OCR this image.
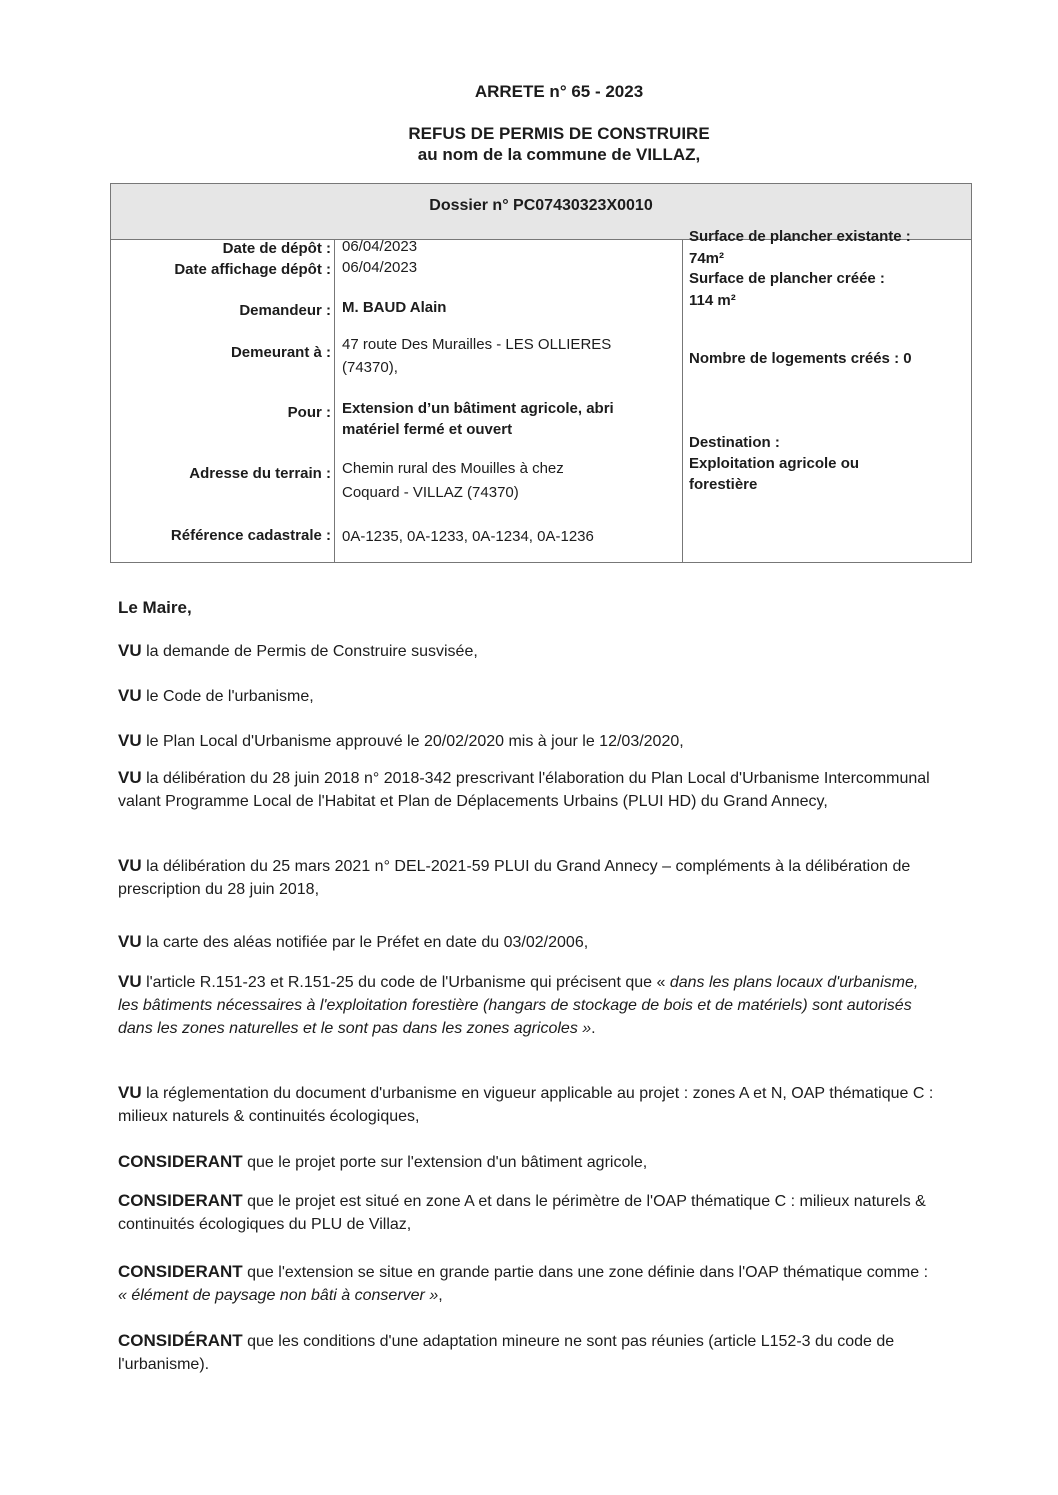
ARRETE n° 65 - 2023
REFUS DE PERMIS DE CONSTRUIRE
au nom de la commune de VILLAZ,
Dossier n° PC07430323X0010
Date de dépôt :
Date affichage dépôt :
06/04/2023
06/04/2023
Demandeur : M. BAUD Alain
Demeurant à : 47 route Des Murailles - LES OLLIERES
(74370),
Pour : Extension d’un bâtiment agricole, abri
matériel fermé et ouvert
Adresse du terrain : Chemin rural des Mouilles à chez
Coquard - VILLAZ (74370)
Référence cadastrale : 0A-1235, 0A-1233, 0A-1234, 0A-1236
Surface de plancher existante :
74m²
Surface de plancher créée :
114 m²
Nombre de logements créés : 0
Destination :
Exploitation agricole ou
forestière
Le Maire,
VU la demande de Permis de Construire susvisée,
VU le Code de l'urbanisme,
VU le Plan Local d'Urbanisme approuvé le 20/02/2020 mis à jour le 12/03/2020,
VU la délibération du 28 juin 2018 n° 2018-342 prescrivant l'élaboration du Plan Local d'Urbanisme Intercommunal valant Programme Local de l'Habitat et Plan de Déplacements Urbains (PLUI HD) du Grand Annecy,
VU la délibération du 25 mars 2021 n° DEL-2021-59 PLUI du Grand Annecy – compléments à la délibération de prescription du 28 juin 2018,
VU la carte des aléas notifiée par le Préfet en date du 03/02/2006,
VU l'article R.151-23 et R.151-25 du code de l'Urbanisme qui précisent que « dans les plans locaux d'urbanisme, les bâtiments nécessaires à l'exploitation forestière (hangars de stockage de bois et de matériels) sont autorisés dans les zones naturelles et le sont pas dans les zones agricoles ».
VU la réglementation du document d'urbanisme en vigueur applicable au projet : zones A et N, OAP thématique C : milieux naturels & continuités écologiques,
CONSIDERANT que le projet porte sur l'extension d'un bâtiment agricole,
CONSIDERANT que le projet est situé en zone A et dans le périmètre de l'OAP thématique C : milieux naturels & continuités écologiques du PLU de Villaz,
CONSIDERANT que l'extension se situe en grande partie dans une zone définie dans l'OAP thématique comme : « élément de paysage non bâti à conserver »,
CONSIDÉRANT que les conditions d'une adaptation mineure ne sont pas réunies (article L152-3 du code de l'urbanisme).
